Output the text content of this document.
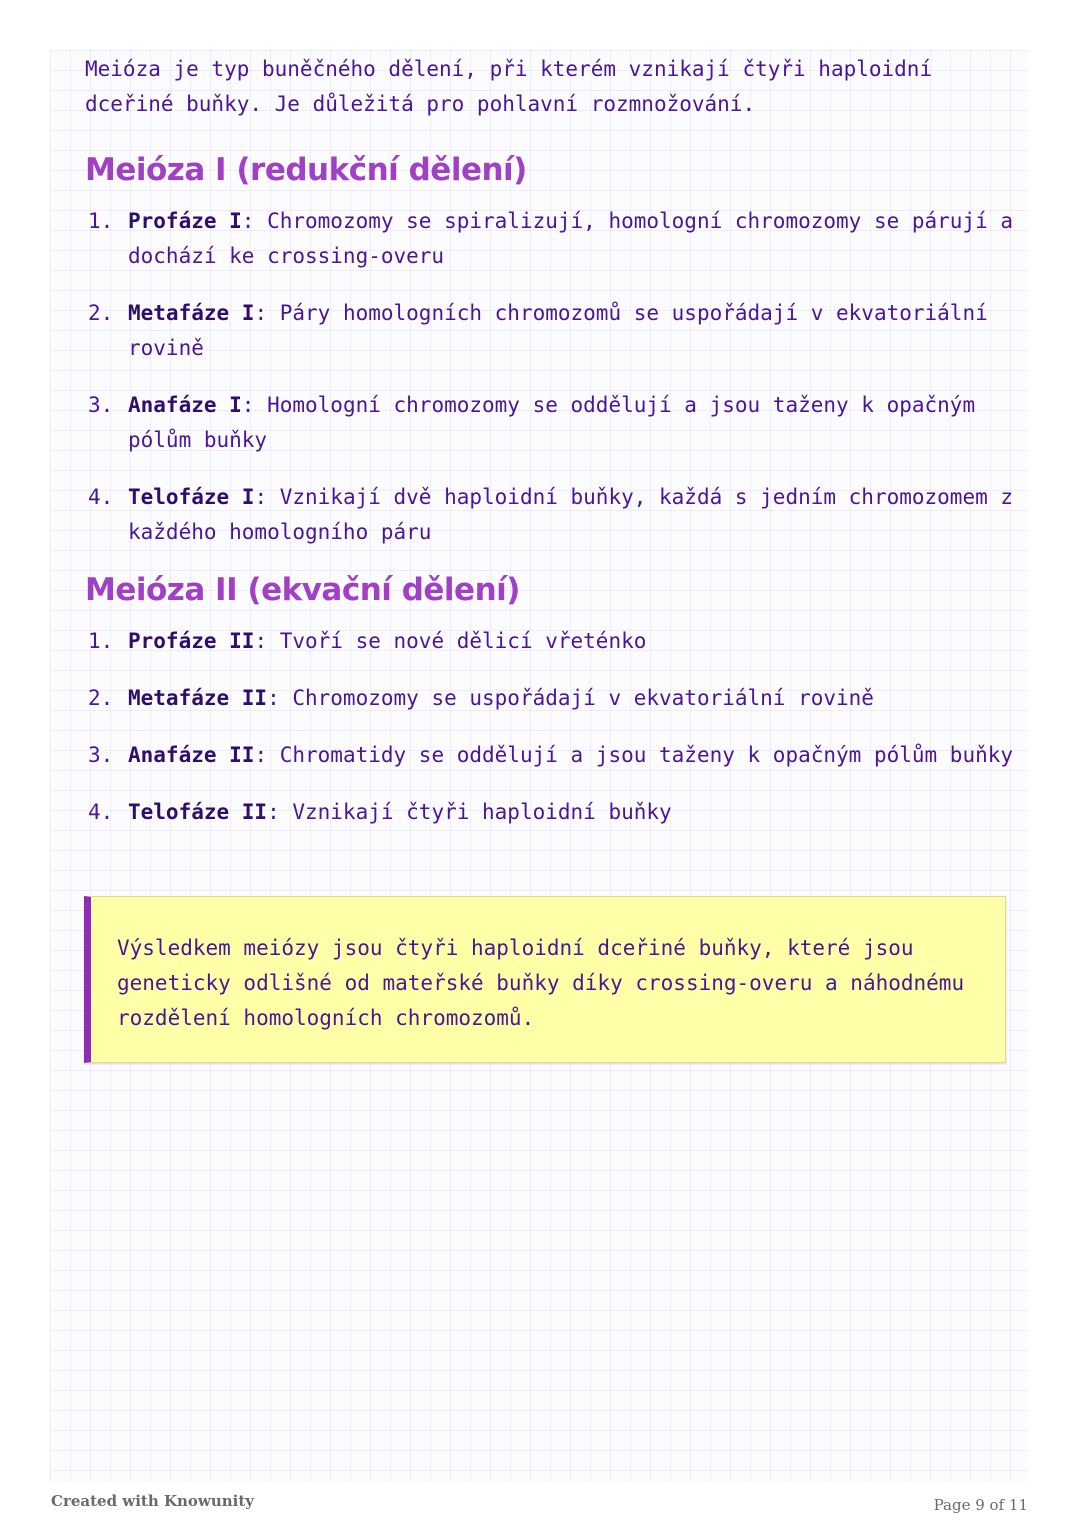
Meióza je typ buněčného dělení, při kterém vznikají čtyři haploidní dceřiné buňky. Je důležitá pro pohlavní rozmnožování.

Meióza I (redukční dělení)
1. Profáze I: Chromozomy se spiralizují, homologní chromozomy se párují a dochází ke crossing-overu
2. Metafáze I: Páry homologních chromozomů se uspořádají v ekvatoriální rovině
3. Anafáze I: Homologní chromozomy se oddělují a jsou taženy k opačným pólům buňky
4. Telofáze I: Vznikají dvě haploidní buňky, každá s jedním chromozomem z každého homologního páru
Meióza II (ekvační dělení)
1. Profáze II: Tvoří se nové dělicí vřeténko
2. Metafáze II: Chromozomy se uspořádají v ekvatoriální rovině
3. Anafáze II: Chromatidy se oddělují a jsou taženy k opačným pólům buňky
4. Telofáze II: Vznikají čtyři haploidní buňky

Výsledkem meiózy jsou čtyři haploidní dceřiné buňky, které jsou geneticky odlišné od mateřské buňky díky crossing-overu a náhodnému rozdělení homologních chromozomů.

Created with Knowunity	Page 9 of 11
